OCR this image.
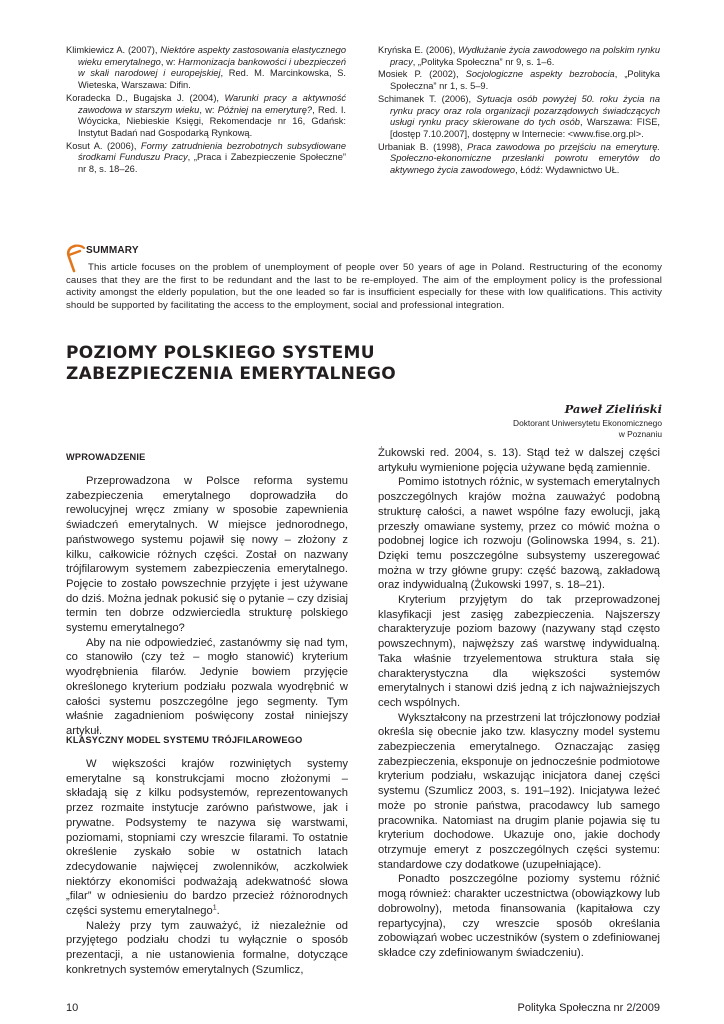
Klimkiewicz A. (2007), Niektóre aspekty zastosowania elastycznego wieku emerytalnego, w: Harmonizacja bankowości i ubezpieczeń w skali narodowej i europejskiej, Red. M. Marcinkowska, S. Wieteska, Warszawa: Difin.
Koradecka D., Bugajska J. (2004), Warunki pracy a aktywność zawodowa w starszym wieku, w: Później na emeryturę?, Red. I. Wóycicka, Niebieskie Księgi, Rekomendacje nr 16, Gdańsk: Instytut Badań nad Gospodarką Rynkową.
Kosut A. (2006), Formy zatrudnienia bezrobotnych subsydiowane środkami Funduszu Pracy, „Praca i Zabezpieczenie Społeczne” nr 8, s. 18–26.
Kryńska E. (2006), Wydłużanie życia zawodowego na polskim rynku pracy, „Polityka Społeczna” nr 9, s. 1–6.
Mosiek P. (2002), Socjologiczne aspekty bezrobocia, „Polityka Społeczna” nr 1, s. 5–9.
Schimanek T. (2006), Sytuacja osób powyżej 50. roku życia na rynku pracy oraz rola organizacji pozarządowych świadczących usługi rynku pracy skierowane do tych osób, Warszawa: FISE, [dostęp 7.10.2007], dostępny w Internecie: <www.fise.org.pl>.
Urbaniak B. (1998), Praca zawodowa po przejściu na emeryturę. Społeczno-ekonomiczne przesłanki powrotu emerytów do aktywnego życia zawodowego, Łódź: Wydawnictwo UŁ.
SUMMARY
This article focuses on the problem of unemployment of people over 50 years of age in Poland. Restructuring of the economy causes that they are the first to be redundant and the last to be re-employed. The aim of the employment policy is the professional activity amongst the elderly population, but the one leaded so far is insufficient especially for these with low qualifications. This activity should be supported by facilitating the access to the employment, social and professional integration.
POZIOMY POLSKIEGO SYSTEMU
ZABEZPIECZENIA EMERYTALNEGO
Paweł Zieliński
Doktorant Uniwersytetu Ekonomicznego
w Poznaniu
WPROWADZENIE

Przeprowadzona w Polsce reforma systemu zabezpieczenia emerytalnego doprowadziła do rewolucyjnej wręcz zmiany w sposobie zapewnienia świadczeń emerytalnych. W miejsce jednorodnego, państwowego systemu pojawił się nowy – złożony z kilku, całkowicie różnych części. Został on nazwany trójfilarowym systemem zabezpieczenia emerytalnego. Pojęcie to zostało powszechnie przyjęte i jest używane do dziś. Można jednak pokusić się o pytanie – czy dzisiaj termin ten dobrze odzwierciedla strukturę polskiego systemu emerytalnego?

Aby na nie odpowiedzieć, zastanówmy się nad tym, co stanowiło (czy też – mogło stanowić) kryterium wyodrębnienia filarów. Jedynie bowiem przyjęcie określonego kryterium podziału pozwala wyodrębnić w całości systemu poszczególne jego segmenty. Tym właśnie zagadnieniom poświęcony został niniejszy artykuł.

KLASYCZNY MODEL SYSTEMU TRÓJFILAROWEGO

W większości krajów rozwiniętych systemy emerytalne są konstrukcjami mocno złożonymi – składają się z kilku podsystemów, reprezentowanych przez rozmaite instytucje zarówno państwowe, jak i prywatne. Podsystemy te nazywa się warstwami, poziomami, stopniami czy wreszcie filarami. To ostatnie określenie zyskało sobie w ostatnich latach zdecydowanie najwięcej zwolenników, aczkolwiek niektórzy ekonomiści podważają adekwatność słowa „filar” w odniesieniu do bardzo przecież różnorodnych części systemu emerytalnego$^1$.

Należy przy tym zauważyć, iż niezależnie od przyjętego podziału chodzi tu wyłącznie o sposób prezentacji, a nie ustanowienia formalne, dotyczące konkretnych systemów emerytalnych (Szumlicz,

Żukowski red. 2004, s. 13). Stąd też w dalszej części artykułu wymienione pojęcia używane będą zamiennie.

Pomimo istotnych różnic, w systemach emerytalnych poszczególnych krajów można zauważyć podobną strukturę całości, a nawet wspólne fazy ewolucji, jaką przeszły omawiane systemy, przez co mówić można o podobnej logice ich rozwoju (Golinowska 1994, s. 21). Dzięki temu poszczególne subsystemy uszeregować można w trzy główne grupy: część bazową, zakładową oraz indywidualną (Żukowski 1997, s. 18–21).

Kryterium przyjętym do tak przeprowadzonej klasyfikacji jest zasięg zabezpieczenia. Najszerszy charakteryzuje poziom bazowy (nazywany stąd często powszechnym), najwęższy zaś warstwę indywidualną. Taka właśnie trzyelementowa struktura stała się charakterystyczna dla większości systemów emerytalnych i stanowi dziś jedną z ich najważniejszych cech wspólnych.

Wykształcony na przestrzeni lat trójczłonowy podział określa się obecnie jako tzw. klasyczny model systemu zabezpieczenia emerytalnego. Oznaczając zasięg zabezpieczenia, eksponuje on jednocześnie podmiotowe kryterium podziału, wskazując inicjatora danej części systemu (Szumlicz 2003, s. 191–192). Inicjatywa leżeć może po stronie państwa, pracodawcy lub samego pracownika. Natomiast na drugim planie pojawia się tu kryterium dochodowe. Ukazuje ono, jakie dochody otrzymuje emeryt z poszczególnych części systemu: standardowe czy dodatkowe (uzupełniające).

Ponadto poszczególne poziomy systemu różnić mogą również: charakter uczestnictwa (obowiązkowy lub dobrowolny), metoda finansowania (kapitałowa czy repartycyjna), czy wreszcie sposób określania zobowiązań wobec uczestników (system o zdefiniowanej składce czy zdefiniowanym świadczeniu).

10	Polityka Społeczna nr 2/2009
